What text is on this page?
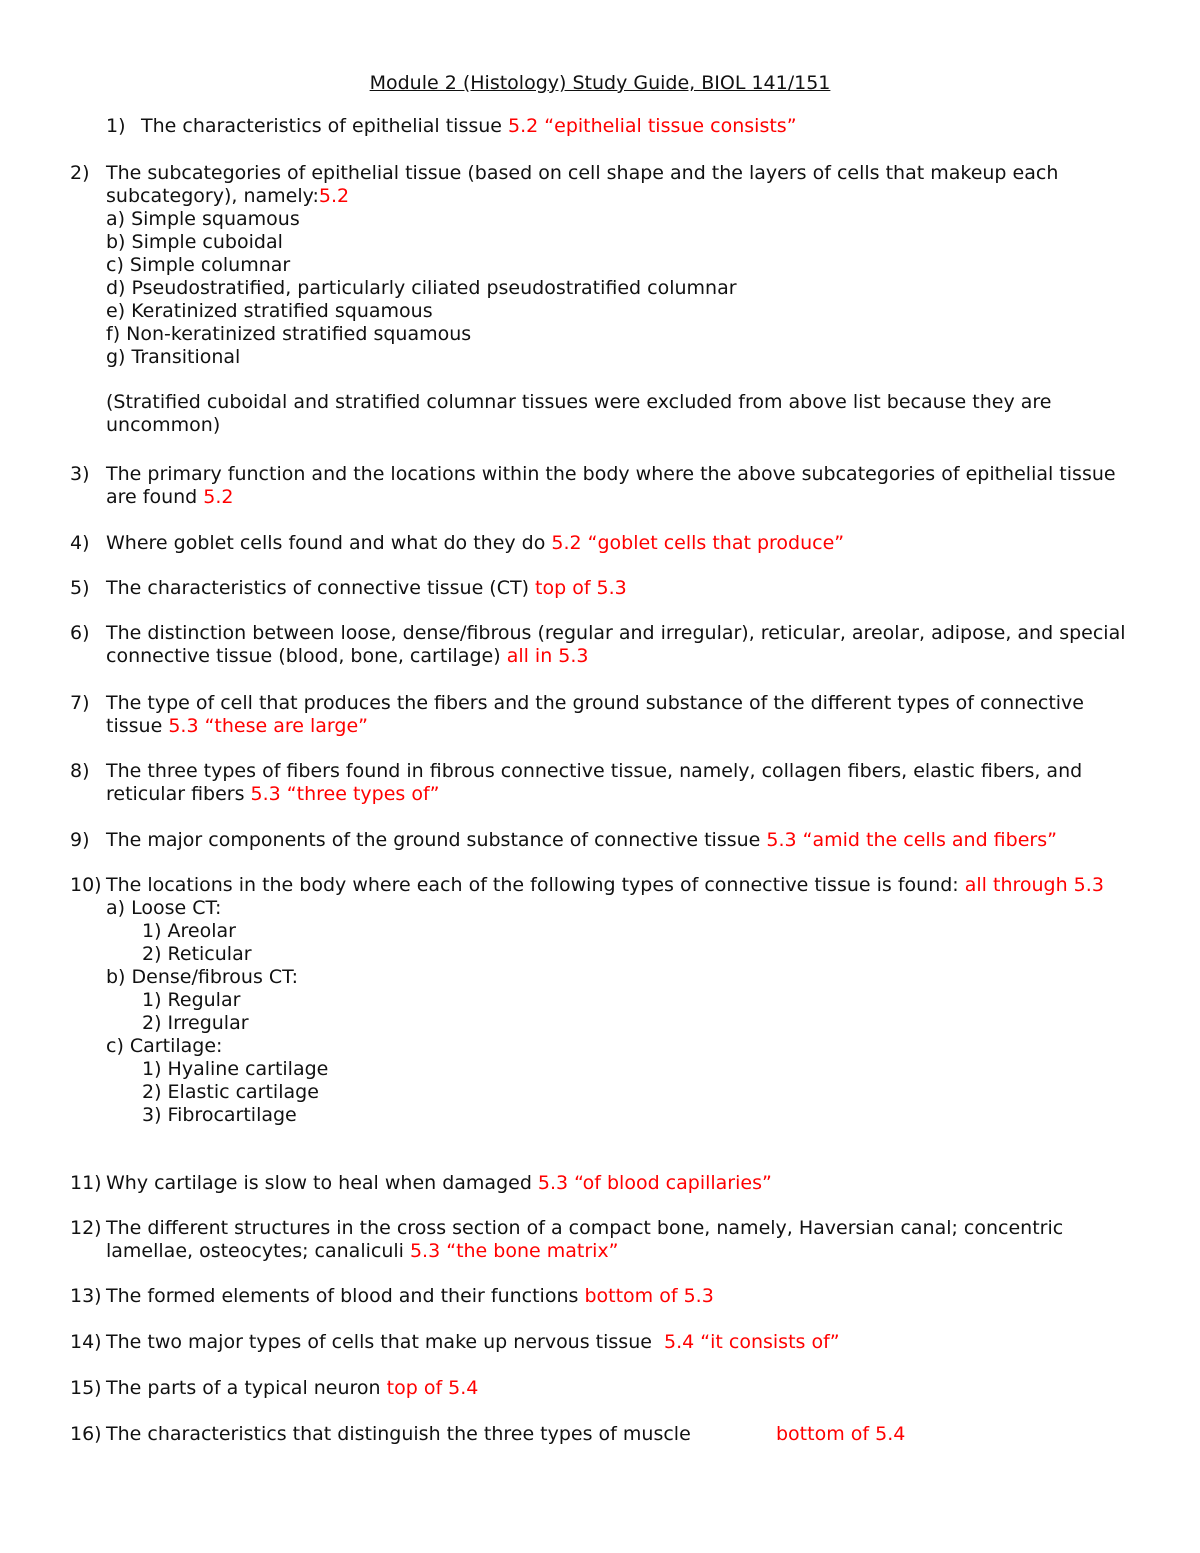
Module 2 (Histology) Study Guide, BIOL 141/151
1) The characteristics of epithelial tissue 5.2 “epithelial tissue consists”
2) The subcategories of epithelial tissue (based on cell shape and the layers of cells that makeup each subcategory), namely:5.2
a) Simple squamous
b) Simple cuboidal
c) Simple columnar
d) Pseudostratified, particularly ciliated pseudostratified columnar
e) Keratinized stratified squamous
f) Non-keratinized stratified squamous
g) Transitional
(Stratified cuboidal and stratified columnar tissues were excluded from above list because they are uncommon)
3) The primary function and the locations within the body where the above subcategories of epithelial tissue are found 5.2
4) Where goblet cells found and what do they do 5.2 “goblet cells that produce”
5) The characteristics of connective tissue (CT) top of 5.3
6) The distinction between loose, dense/fibrous (regular and irregular), reticular, areolar, adipose, and special connective tissue (blood, bone, cartilage) all in 5.3
7) The type of cell that produces the fibers and the ground substance of the different types of connective tissue 5.3 “these are large”
8) The three types of fibers found in fibrous connective tissue, namely, collagen fibers, elastic fibers, and reticular fibers 5.3 “three types of”
9) The major components of the ground substance of connective tissue 5.3 “amid the cells and fibers”
10) The locations in the body where each of the following types of connective tissue is found: all through 5.3
a) Loose CT:
1) Areolar
2) Reticular
b) Dense/fibrous CT:
1) Regular
2) Irregular
c) Cartilage:
1) Hyaline cartilage
2) Elastic cartilage
3) Fibrocartilage
11) Why cartilage is slow to heal when damaged 5.3 “of blood capillaries”
12) The different structures in the cross section of a compact bone, namely, Haversian canal; concentric lamellae, osteocytes; canaliculi 5.3 “the bone matrix”
13) The formed elements of blood and their functions bottom of 5.3
14) The two major types of cells that make up nervous tissue  5.4 “it consists of”
15) The parts of a typical neuron top of 5.4
16) The characteristics that distinguish the three types of muscle	bottom of 5.4
